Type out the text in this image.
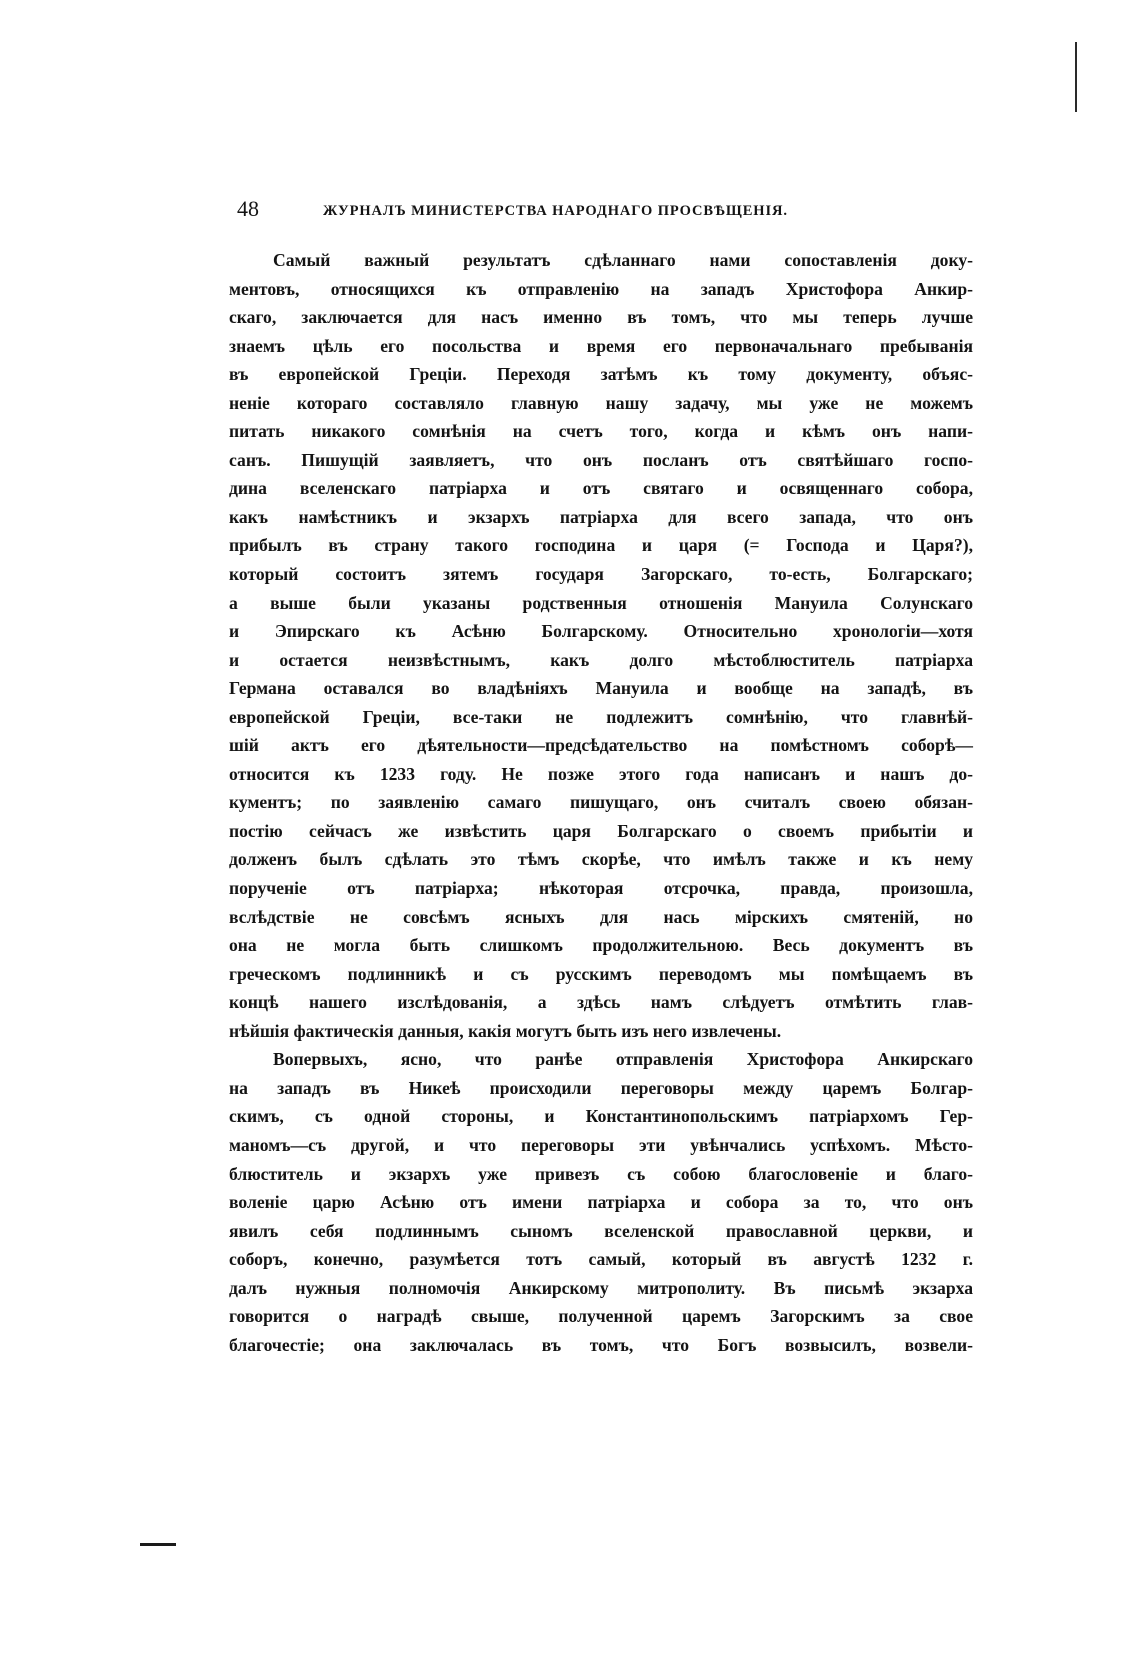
48	ЖУРНАЛЪ МИНИСТЕРСТВА НАРОДНАГО ПРОСВѢЩЕНІЯ.
Самый важный результатъ сдѣланнаго нами сопоставленія доку-
ментовъ, относящихся къ отправленію на западъ Христофора Анкир-
скаго, заключается для насъ именно въ томъ, что мы теперь лучше
знаемъ цѣль его посольства и время его первоначальнаго пребыванія
въ европейской Греціи. Переходя затѣмъ къ тому документу, объяс-
неніе котораго составляло главную нашу задачу, мы уже не можемъ
питать никакого сомнѣнія на счетъ того, когда и кѣмъ онъ напи-
санъ. Пишущій заявляетъ, что онъ посланъ отъ святѣйшаго госпо-
дина вселенскаго патріарха и отъ святаго и освященнаго собора,
какъ намѣстникъ и экзархъ патріарха для всего запада, что онъ
прибылъ въ страну такого господина и царя (= Господа и Царя?),
который состоитъ зятемъ государя Загорскаго, то-есть, Болгарскаго;
а выше были указаны родственныя отношенія Мануила Солунскаго
и Эпирскаго къ Асѣню Болгарскому. Относительно хронологіи—хотя
и остается неизвѣстнымъ, какъ долго мѣстоблюститель патріарха
Германа оставался во владѣніяхъ Мануила и вообще на западѣ, въ
европейской Греціи, все-таки не подлежитъ сомнѣнію, что главнѣй-
шій актъ его дѣятельности—предсѣдательство на помѣстномъ соборѣ—
относится къ 1233 году. Не позже этого года написанъ и нашъ до-
кументъ; по заявленію самаго пишущаго, онъ считалъ своею обязан-
постію сейчасъ же извѣстить царя Болгарскаго о своемъ прибытіи и
долженъ былъ сдѣлать это тѣмъ скорѣе, что имѣлъ также и къ нему
порученіе отъ патріарха; нѣкоторая отсрочка, правда, произошла,
вслѣдствіе не совсѣмъ ясныхъ для нась мірскихъ смятеній, но
она не могла быть слишкомъ продолжительною. Весь документъ въ
греческомъ подлинникѣ и съ русскимъ переводомъ мы помѣщаемъ въ
концѣ нашего изслѣдованія, а здѣсь намъ слѣдуетъ отмѣтить глав-
нѣйшія фактическія данныя, какія могутъ быть изъ него извлечены.
Вопервыхъ, ясно, что ранѣе отправленія Христофора Анкирскаго
на западъ въ Никеѣ происходили переговоры между царемъ Болгар-
скимъ, съ одной стороны, и Константинопольскимъ патріархомъ Гер-
маномъ—съ другой, и что переговоры эти увѣнчались успѣхомъ. Мѣсто-
блюститель и экзархъ уже привезъ съ собою благословеніе и благо-
воленіе царю Асѣню отъ имени патріарха и собора за то, что онъ
явилъ себя подлиннымъ сыномъ вселенской православной церкви, и
соборъ, конечно, разумѣется тотъ самый, который въ августѣ 1232 г.
далъ нужныя полномочія Анкирскому митрополиту. Въ письмѣ экзарха
говорится о наградѣ свыше, полученной царемъ Загорскимъ за свое
благочестіе; она заключалась въ томъ, что Богъ возвысилъ, возвели-
